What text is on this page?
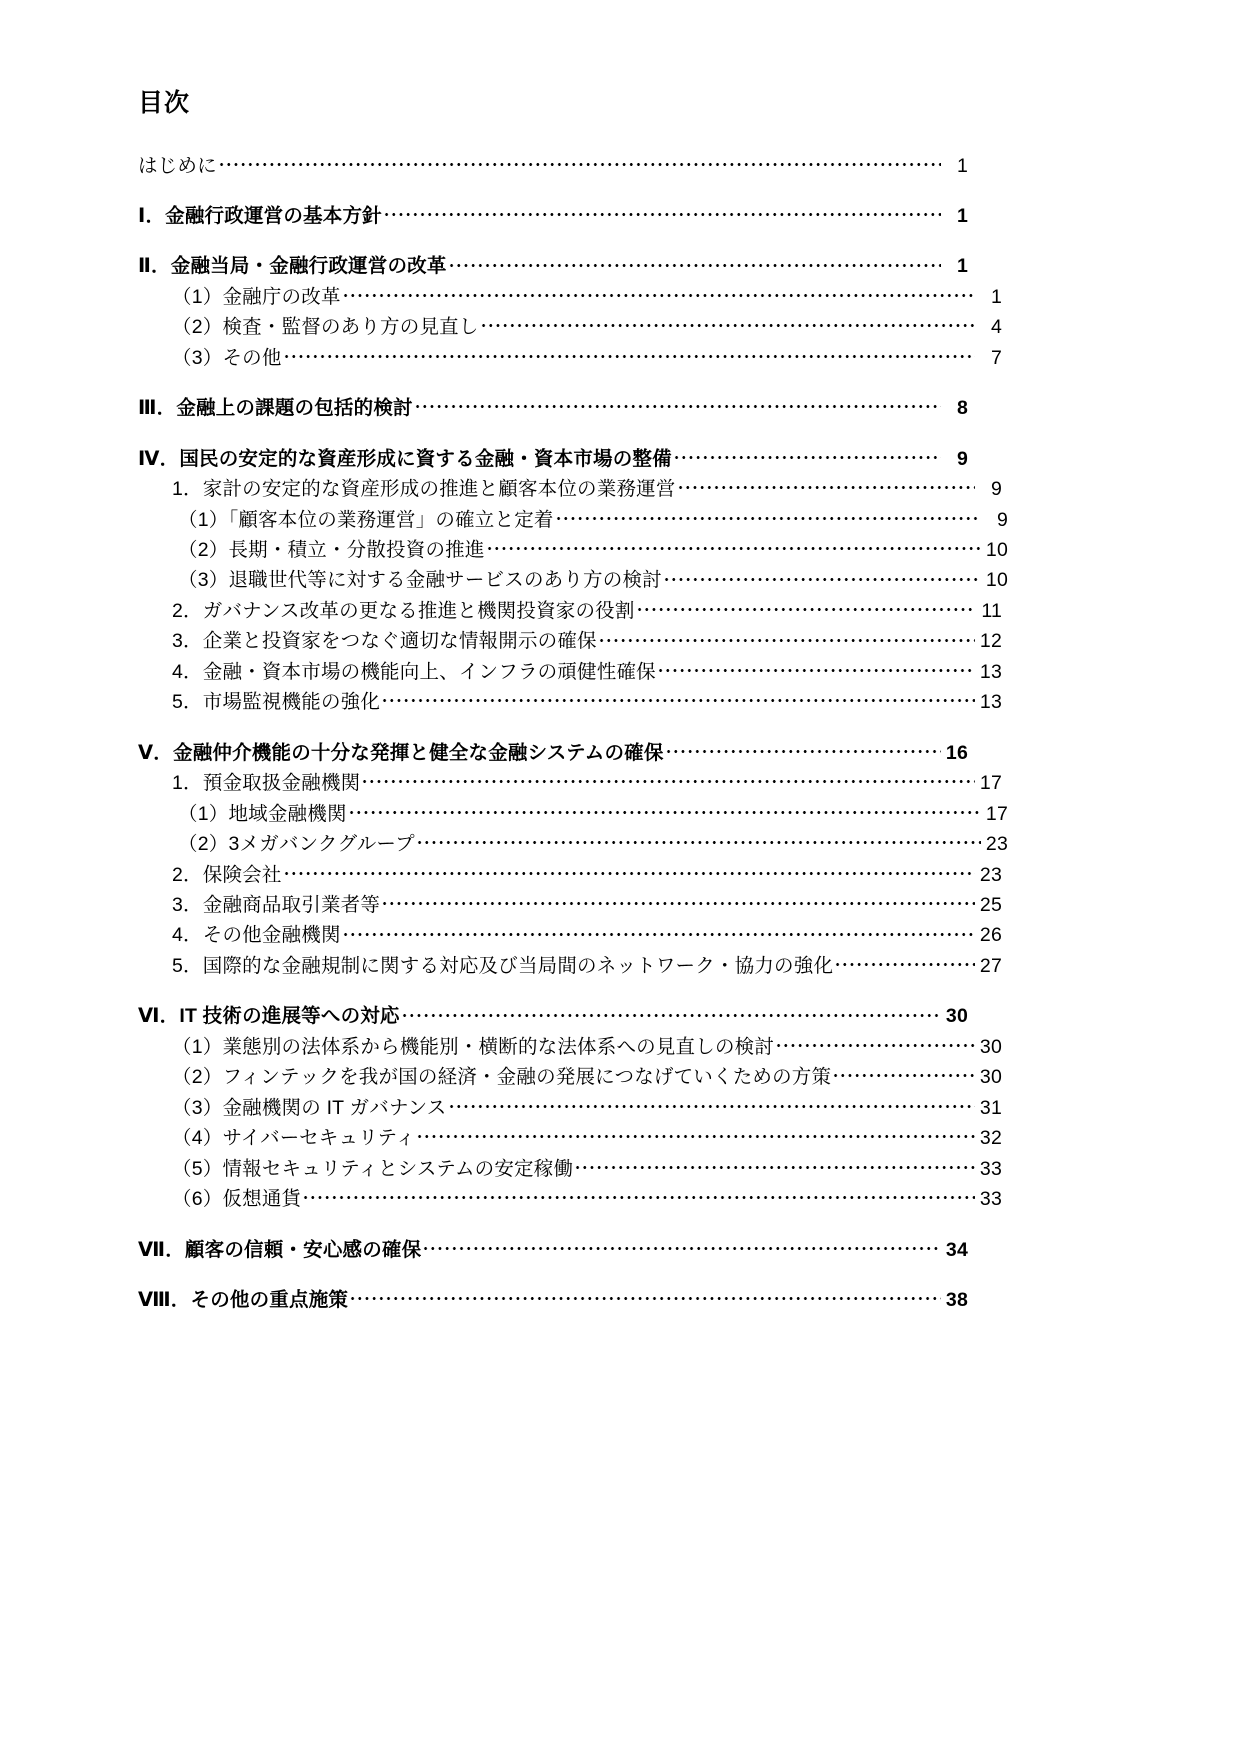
目次
はじめに	1
Ⅰ．金融行政運営の基本方針	1
Ⅱ．金融当局・金融行政運営の改革	1
（1）金融庁の改革	1
（2）検査・監督のあり方の見直し	4
（3）その他	7
Ⅲ．金融上の課題の包括的検討	8
Ⅳ．国民の安定的な資産形成に資する金融・資本市場の整備	9
1．家計の安定的な資産形成の推進と顧客本位の業務運営	9
（1）「顧客本位の業務運営」の確立と定着	9
（2）長期・積立・分散投資の推進	10
（3）退職世代等に対する金融サービスのあり方の検討	10
2．ガバナンス改革の更なる推進と機関投資家の役割	11
3．企業と投資家をつなぐ適切な情報開示の確保	12
4．金融・資本市場の機能向上、インフラの頑健性確保	13
5．市場監視機能の強化	13
Ⅴ．金融仲介機能の十分な発揮と健全な金融システムの確保	16
1．預金取扱金融機関	17
（1）地域金融機関	17
（2）3メガバンクグループ	23
2．保険会社	23
3．金融商品取引業者等	25
4．その他金融機関	26
5．国際的な金融規制に関する対応及び当局間のネットワーク・協力の強化	27
Ⅵ．IT 技術の進展等への対応	30
（1）業態別の法体系から機能別・横断的な法体系への見直しの検討	30
（2）フィンテックを我が国の経済・金融の発展につなげていくための方策	30
（3）金融機関の IT ガバナンス	31
（4）サイバーセキュリティ	32
（5）情報セキュリティとシステムの安定稼働	33
（6）仮想通貨	33
Ⅶ．顧客の信頼・安心感の確保	34
Ⅷ．その他の重点施策	38
